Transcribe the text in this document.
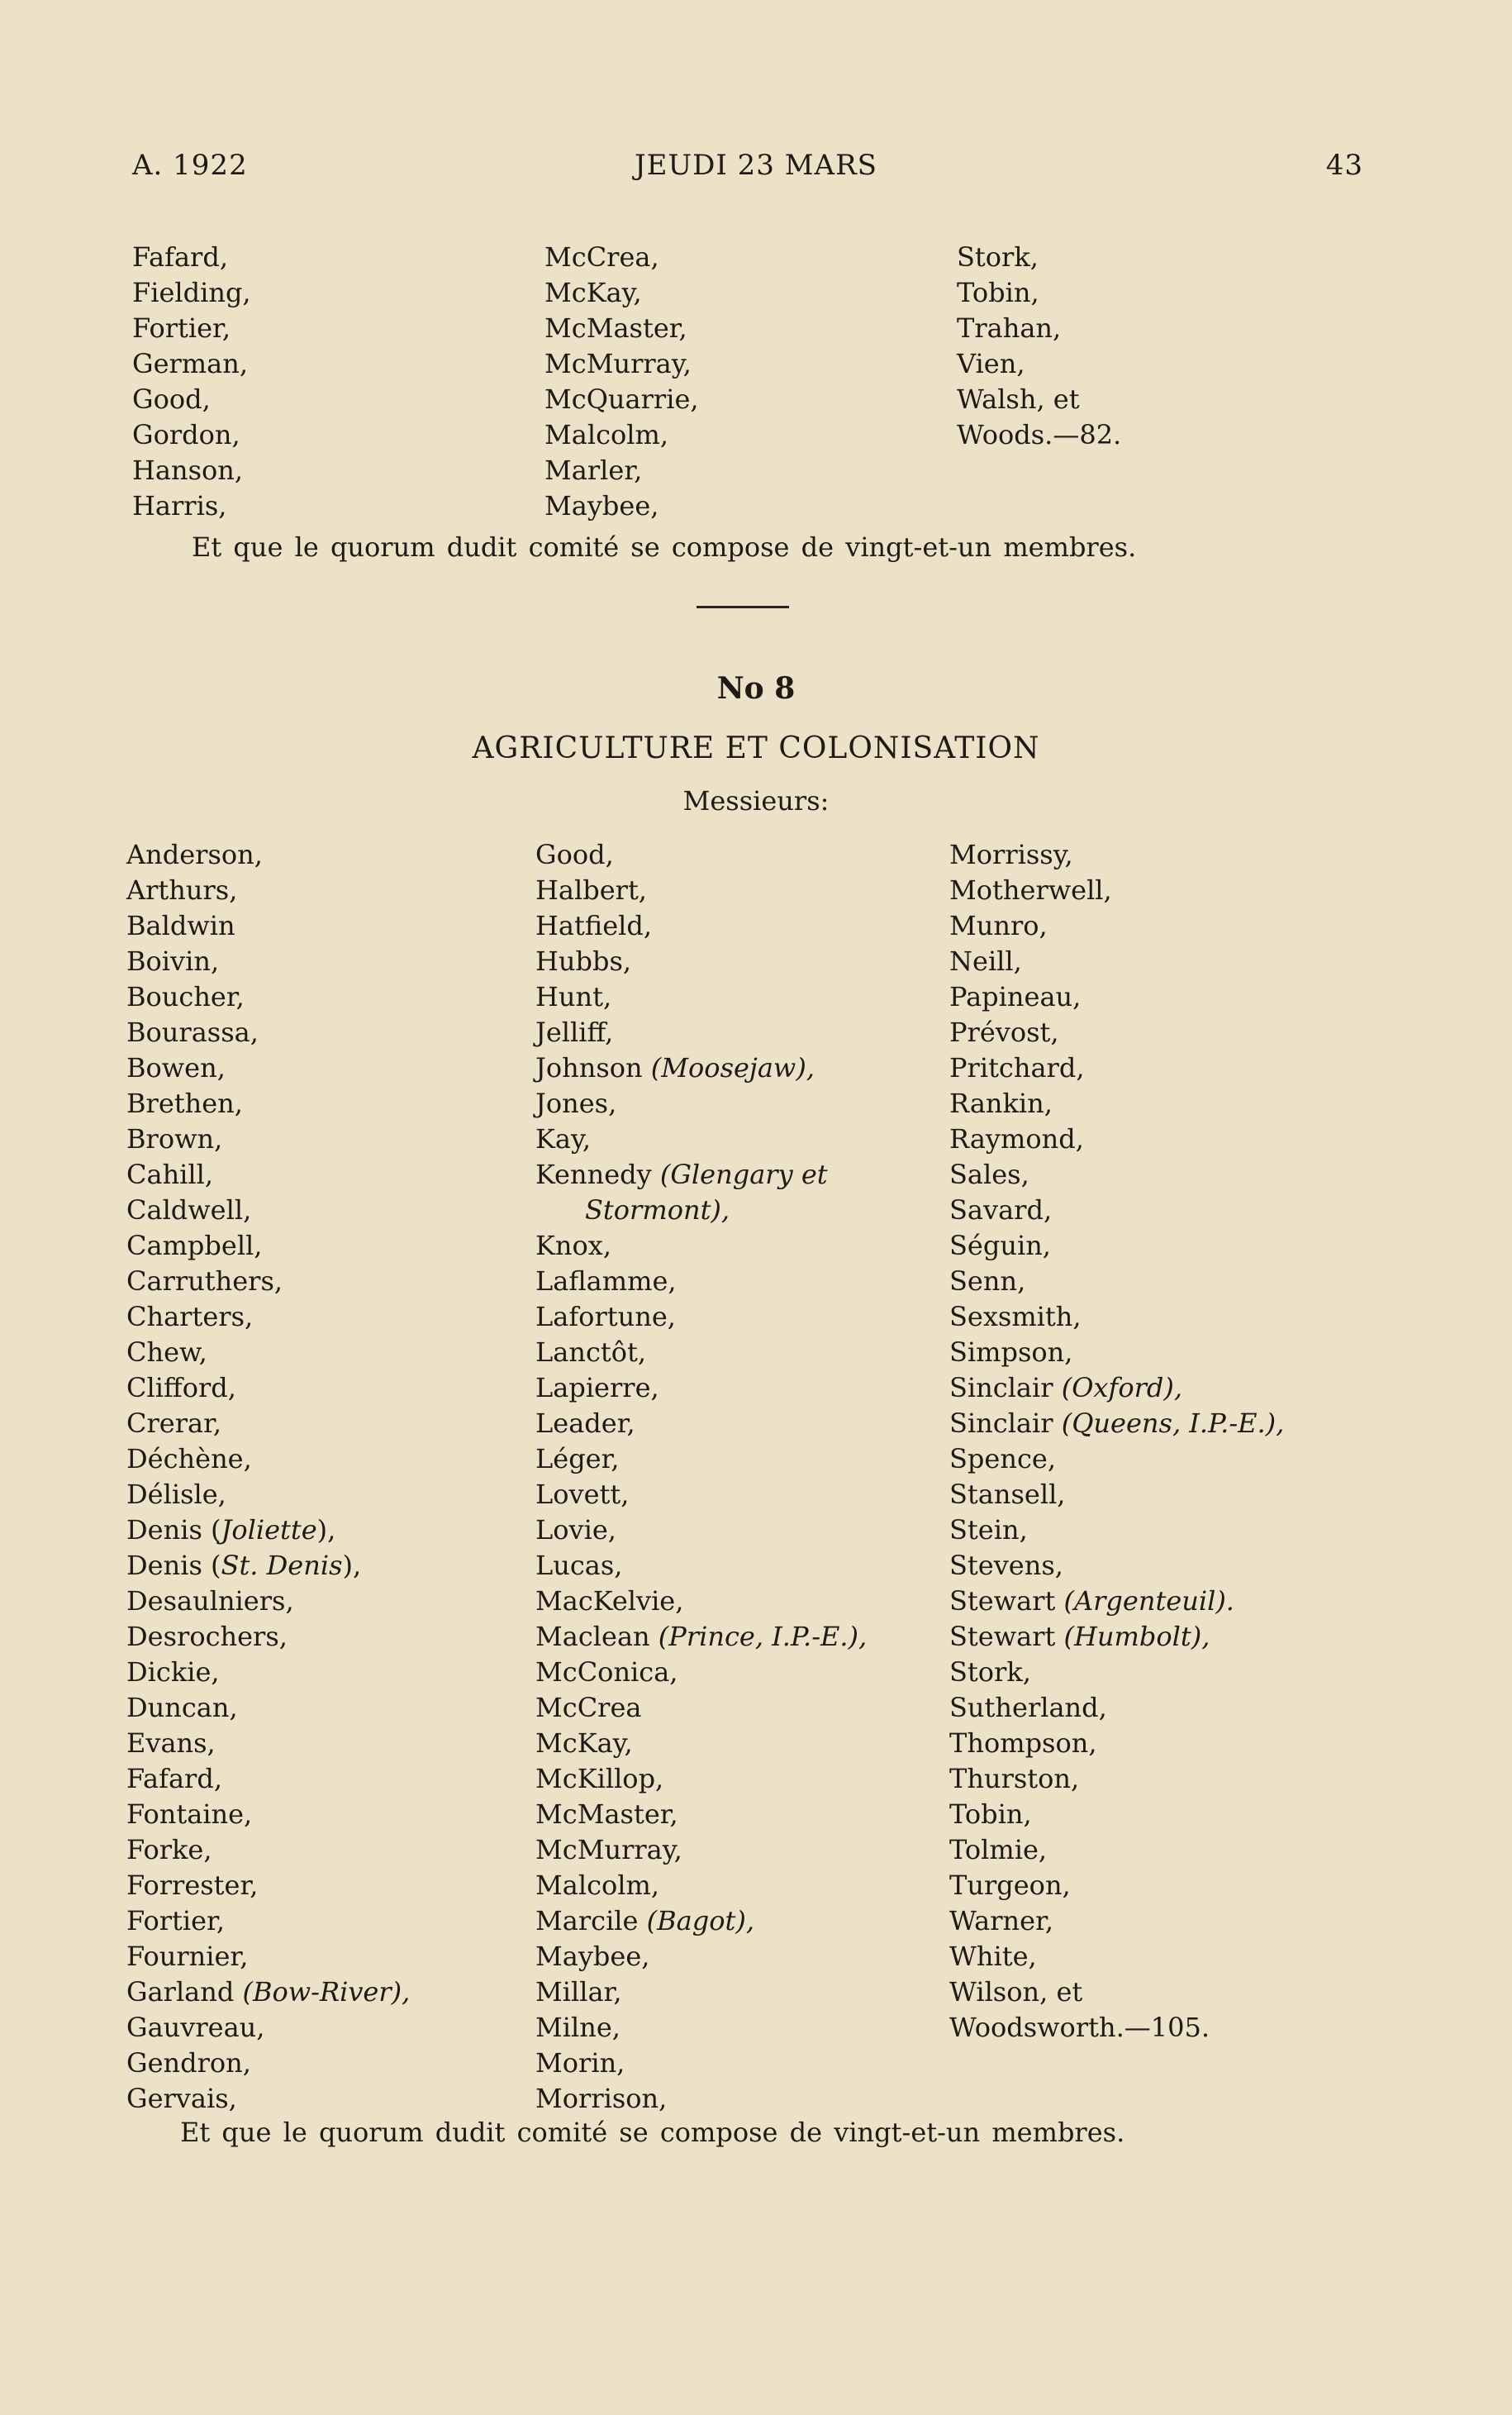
A. 1922	JEUDI 23 MARS	43
Fafard,
Fielding,
Fortier,
German,
Good,
Gordon,
Hanson,
Harris,
McCrea,
McKay,
McMaster,
McMurray,
McQuarrie,
Malcolm,
Marler,
Maybee,
Stork,
Tobin,
Trahan,
Vien,
Walsh, et
Woods.—82.
Et que le quorum dudit comité se compose de vingt-et-un membres.
No 8
AGRICULTURE ET COLONISATION
Messieurs:
Anderson,
Arthurs,
Baldwin
Boivin,
Boucher,
Bourassa,
Bowen,
Brethen,
Brown,
Cahill,
Caldwell,
Campbell,
Carruthers,
Charters,
Chew,
Clifford,
Crerar,
Déchène,
Délisle,
Denis (Joliette),
Denis (St. Denis),
Desaulniers,
Desrochers,
Dickie,
Duncan,
Evans,
Fafard,
Fontaine,
Forke,
Forrester,
Fortier,
Fournier,
Garland (Bow-River),
Gauvreau,
Gendron,
Gervais,
Good,
Halbert,
Hatfield,
Hubbs,
Hunt,
Jelliff,
Johnson (Moosejaw),
Jones,
Kay,
Kennedy (Glengary et
Stormont),
Knox,
Laflamme,
Lafortune,
Lanctôt,
Lapierre,
Leader,
Léger,
Lovett,
Lovie,
Lucas,
MacKelvie,
Maclean (Prince, I.P.-E.),
McConica,
McCrea
McKay,
McKillop,
McMaster,
McMurray,
Malcolm,
Marcile (Bagot),
Maybee,
Millar,
Milne,
Morin,
Morrison,
Morrissy,
Motherwell,
Munro,
Neill,
Papineau,
Prévost,
Pritchard,
Rankin,
Raymond,
Sales,
Savard,
Séguin,
Senn,
Sexsmith,
Simpson,
Sinclair (Oxford),
Sinclair (Queens, I.P.-E.),
Spence,
Stansell,
Stein,
Stevens,
Stewart (Argenteuil).
Stewart (Humbolt),
Stork,
Sutherland,
Thompson,
Thurston,
Tobin,
Tolmie,
Turgeon,
Warner,
White,
Wilson, et
Woodsworth.—105.
Et que le quorum dudit comité se compose de vingt-et-un membres.
